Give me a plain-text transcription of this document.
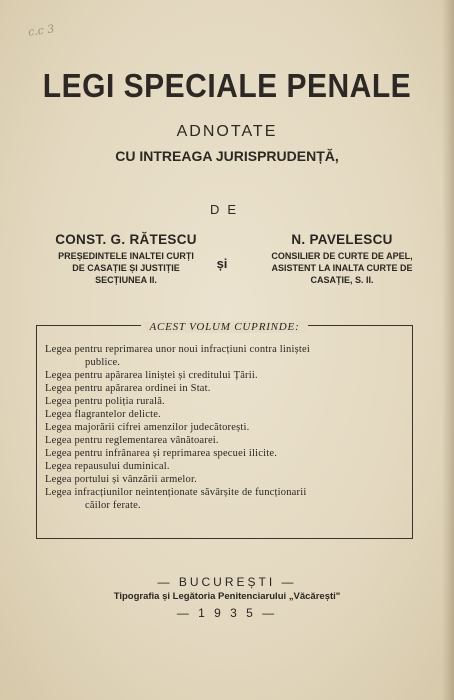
c.c 3
LEGI SPECIALE PENALE
ADNOTATE
CU INTREAGA JURISPRUDENȚĂ,
DE
CONST. G. RĂTESCU
PREȘEDINTELE INALTEI CURȚI
DE CASAȚIE ȘI JUSTIȚIE
SECȚIUNEA II.
și
N. PAVELESCU
CONSILIER DE CURTE DE APEL,
ASISTENT LA INALTA CURTE DE
CASAȚIE, S. II.
ACEST VOLUM CUPRINDE:
Legea pentru reprimarea unor noui infracțiuni contra liniștei
publice.
Legea pentru apărarea liniștei și creditului Țării.
Legea pentru apărarea ordinei in Stat.
Legea pentru poliția rurală.
Legea flagrantelor delicte.
Legea majorării cifrei amenzilor judecătorești.
Legea pentru reglementarea vânătoarei.
Legea pentru infrânarea și reprimarea specuei ilicite.
Legea repausului duminical.
Legea portului și vânzării armelor.
Legea infracțiunilor neintenționate săvârșite de funcționarii
căilor ferate.
— BUCUREȘTI —
Tipografia și Legătoria Penitenciarului „Văcărești"
— 1 9 3 5 —
